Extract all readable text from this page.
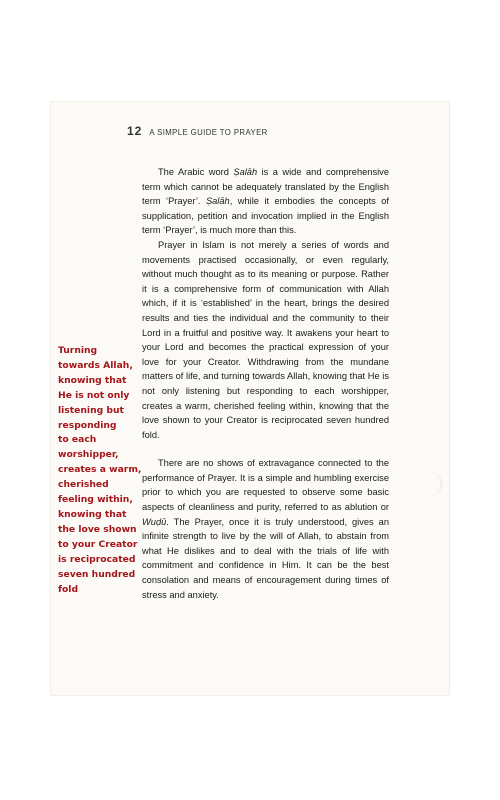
12 A SIMPLE GUIDE TO PRAYER
Turning
towards Allah,
knowing that
He is not only
listening but
responding
to each
worshipper,
creates a warm,
cherished
feeling within,
knowing that
the love shown
to your Creator
is reciprocated
seven hundred
fold

The Arabic word Ṣalāh is a wide and comprehensive term which cannot be adequately translated by the English term ‘Prayer’. Ṣalāh, while it embodies the concepts of supplication, petition and invocation implied in the English term ‘Prayer’, is much more than this.

Prayer in Islam is not merely a series of words and movements practised occasionally, or even regularly, without much thought as to its meaning or purpose. Rather it is a comprehensive form of communication with Allah which, if it is ‘established’ in the heart, brings the desired results and ties the individual and the community to their Lord in a fruitful and positive way. It awakens your heart to your Lord and becomes the practical expression of your love for your Creator. Withdrawing from the mundane matters of life, and turning towards Allah, knowing that He is not only listening but responding to each worshipper, creates a warm, cherished feeling within, knowing that the love shown to your Creator is reciprocated seven hundred fold.

There are no shows of extravagance connected to the performance of Prayer. It is a simple and humbling exercise prior to which you are requested to observe some basic aspects of cleanliness and purity, referred to as ablution or Wuḍū. The Prayer, once it is truly understood, gives an infinite strength to live by the will of Allah, to abstain from what He dislikes and to deal with the trials of life with commitment and confidence in Him. It can be the best consolation and means of encouragement during times of stress and anxiety.
